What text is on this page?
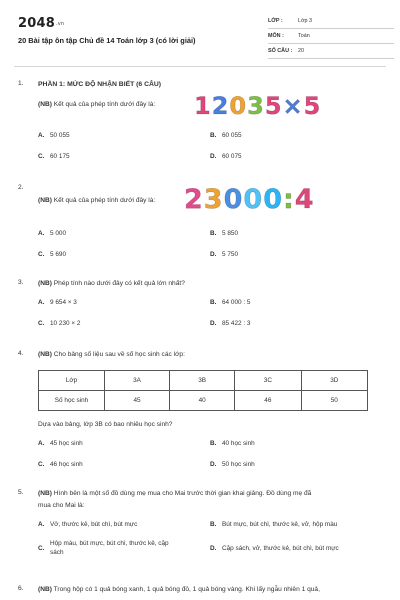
2048.vn
20 Bài tập ôn tập Chủ đề 14 Toán lớp 3 (có lời giải)
LỚP :	Lớp 3
MÔN :	Toán
SỐ CÂU : 20
1. PHẦN 1: MỨC ĐỘ NHẬN BIẾT (6 CÂU)
(NB) Kết quả của phép tính dưới đây là:	12035×5
A. 50 055	B. 60 055
C. 60 175	D. 60 075
2.
(NB) Kết quả của phép tính dưới đây là:	23000:4
A. 5 000	B. 5 850
C. 5 690	D. 5 750
3. (NB) Phép tính nào dưới đây có kết quả lớn nhất?
A. 9 654 × 3	B. 64 000 : 5
C. 10 230 × 2	D. 85 422 : 3
4. (NB) Cho bảng số liệu sau về số học sinh các lớp:
Lớp	3A	3B	3C	3D
Số học sinh	45	40	46	50
Dựa vào bảng, lớp 3B có bao nhiêu học sinh?
A. 45 học sinh	B. 40 học sinh
C. 46 học sinh	D. 50 học sinh
5. (NB) Hình bên là một số đồ dùng mẹ mua cho Mai trước thời gian khai giảng. Đồ dùng mẹ đã
mua cho Mai là:
A. Vở, thước kẻ, bút chì, bút mực	B. Bút mực, bút chì, thước kẻ, vở, hộp màu
C.Hộp màu, bút mực, bút chì, thước kẻ, cặp
sách	D. Cặp sách, vở, thước kẻ, bút chì, bút mực
6. (NB) Trong hộp có 1 quả bóng xanh, 1 quả bóng đỏ, 1 quả bóng vàng. Khi lấy ngẫu nhiên 1 quả,
